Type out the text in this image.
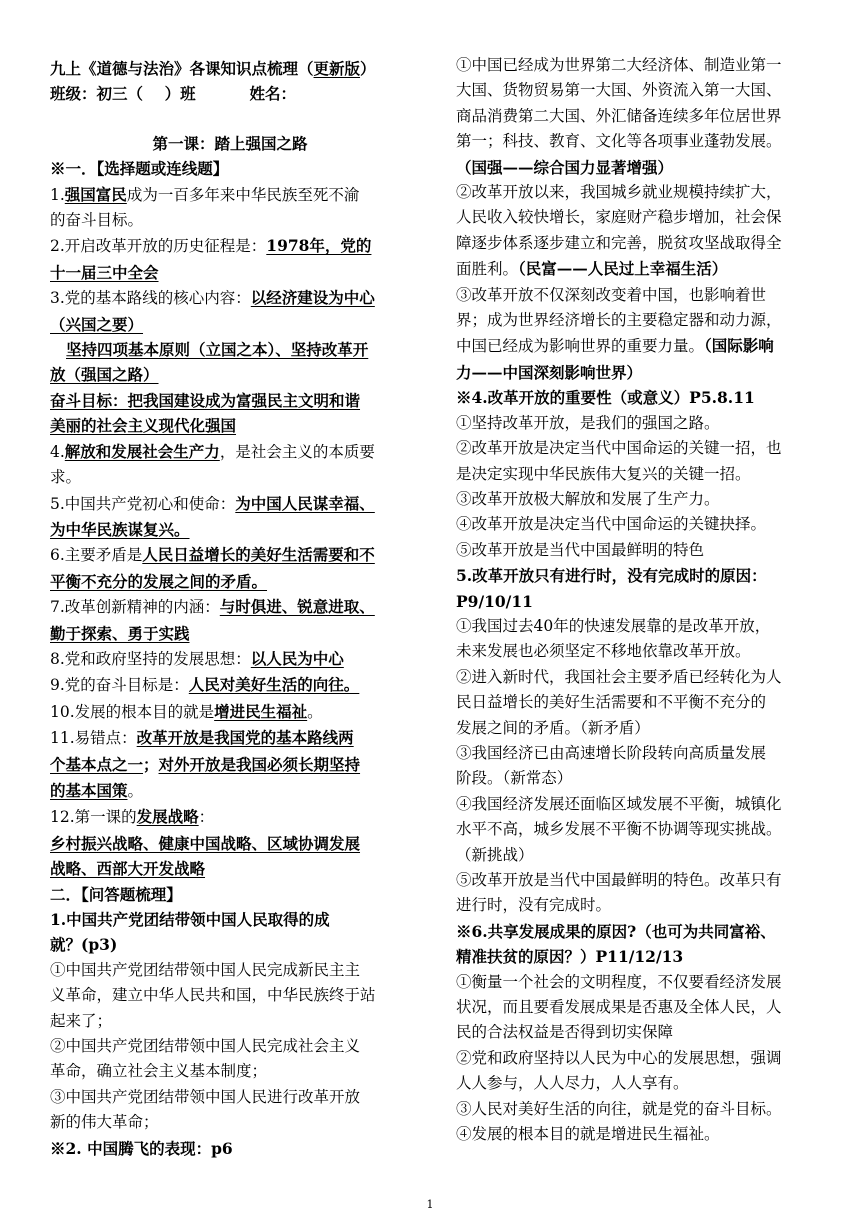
九上《道德与法治》各课知识点梳理（更新版）
班级：初三（    ）班          姓名：
第一课：踏上强国之路
※一．【选择题或连线题】
1.强国富民成为一百多年来中华民族至死不渝
的奋斗目标。
2.开启改革开放的历史征程是：1978年，党的
十一届三中全会
3.党的基本路线的核心内容：以经济建设为中心
（兴国之要）
坚持四项基本原则（立国之本）、坚持改革开
放（强国之路）
奋斗目标：把我国建设成为富强民主文明和谐
美丽的社会主义现代化强国
4.解放和发展社会生产力，是社会主义的本质要
求。
5.中国共产党初心和使命：为中国人民谋幸福、
为中华民族谋复兴。
6.主要矛盾是人民日益增长的美好生活需要和不
平衡不充分的发展之间的矛盾。
7.改革创新精神的内涵：与时俱进、锐意进取、
勤于探索、勇于实践
8.党和政府坚持的发展思想：以人民为中心
9.党的奋斗目标是：人民对美好生活的向往。
10.发展的根本目的就是增进民生福祉。
11.易错点：改革开放是我国党的基本路线两
个基本点之一；对外开放是我国必须长期坚持
的基本国策。
12.第一课的发展战略：
乡村振兴战略、健康中国战略、区域协调发展
战略、西部大开发战略
二．【问答题梳理】
1.中国共产党团结带领中国人民取得的成
就？(p3)
①中国共产党团结带领中国人民完成新民主主
义革命，建立中华人民共和国，中华民族终于站
起来了；
②中国共产党团结带领中国人民完成社会主义
革命，确立社会主义基本制度；
③中国共产党团结带领中国人民进行改革开放
新的伟大革命；
※2. 中国腾飞的表现：p6
①中国已经成为世界第二大经济体、制造业第一
大国、货物贸易第一大国、外资流入第一大国、
商品消费第二大国、外汇储备连续多年位居世界
第一；科技、教育、文化等各项事业蓬勃发展。
（国强——综合国力显著增强）
②改革开放以来，我国城乡就业规模持续扩大，
人民收入较快增长，家庭财产稳步增加，社会保
障逐步体系逐步建立和完善，脱贫攻坚战取得全
面胜利。（民富——人民过上幸福生活）
③改革开放不仅深刻改变着中国，也影响着世
界；成为世界经济增长的主要稳定器和动力源，
中国已经成为影响世界的重要力量。（国际影响
力——中国深刻影响世界）
※4.改革开放的重要性（或意义）P5.8.11
①坚持改革开放，是我们的强国之路。
②改革开放是决定当代中国命运的关键一招，也
是决定实现中华民族伟大复兴的关键一招。
③改革开放极大解放和发展了生产力。
④改革开放是决定当代中国命运的关键抉择。
⑤改革开放是当代中国最鲜明的特色
5.改革开放只有进行时，没有完成时的原因：
P9/10/11
①我国过去40年的快速发展靠的是改革开放，
未来发展也必须坚定不移地依靠改革开放。
②进入新时代，我国社会主要矛盾已经转化为人
民日益增长的美好生活需要和不平衡不充分的
发展之间的矛盾。（新矛盾）
③我国经济已由高速增长阶段转向高质量发展
阶段。（新常态）
④我国经济发展还面临区域发展不平衡，城镇化
水平不高，城乡发展不平衡不协调等现实挑战。
（新挑战）
⑤改革开放是当代中国最鲜明的特色。改革只有
进行时，没有完成时。
※6.共享发展成果的原因?（也可为共同富裕、
精准扶贫的原因？）P11/12/13
①衡量一个社会的文明程度，不仅要看经济发展
状况，而且要看发展成果是否惠及全体人民，人
民的合法权益是否得到切实保障
②党和政府坚持以人民为中心的发展思想，强调
人人参与，人人尽力，人人享有。
③人民对美好生活的向往，就是党的奋斗目标。
④发展的根本目的就是增进民生福祉。
1
